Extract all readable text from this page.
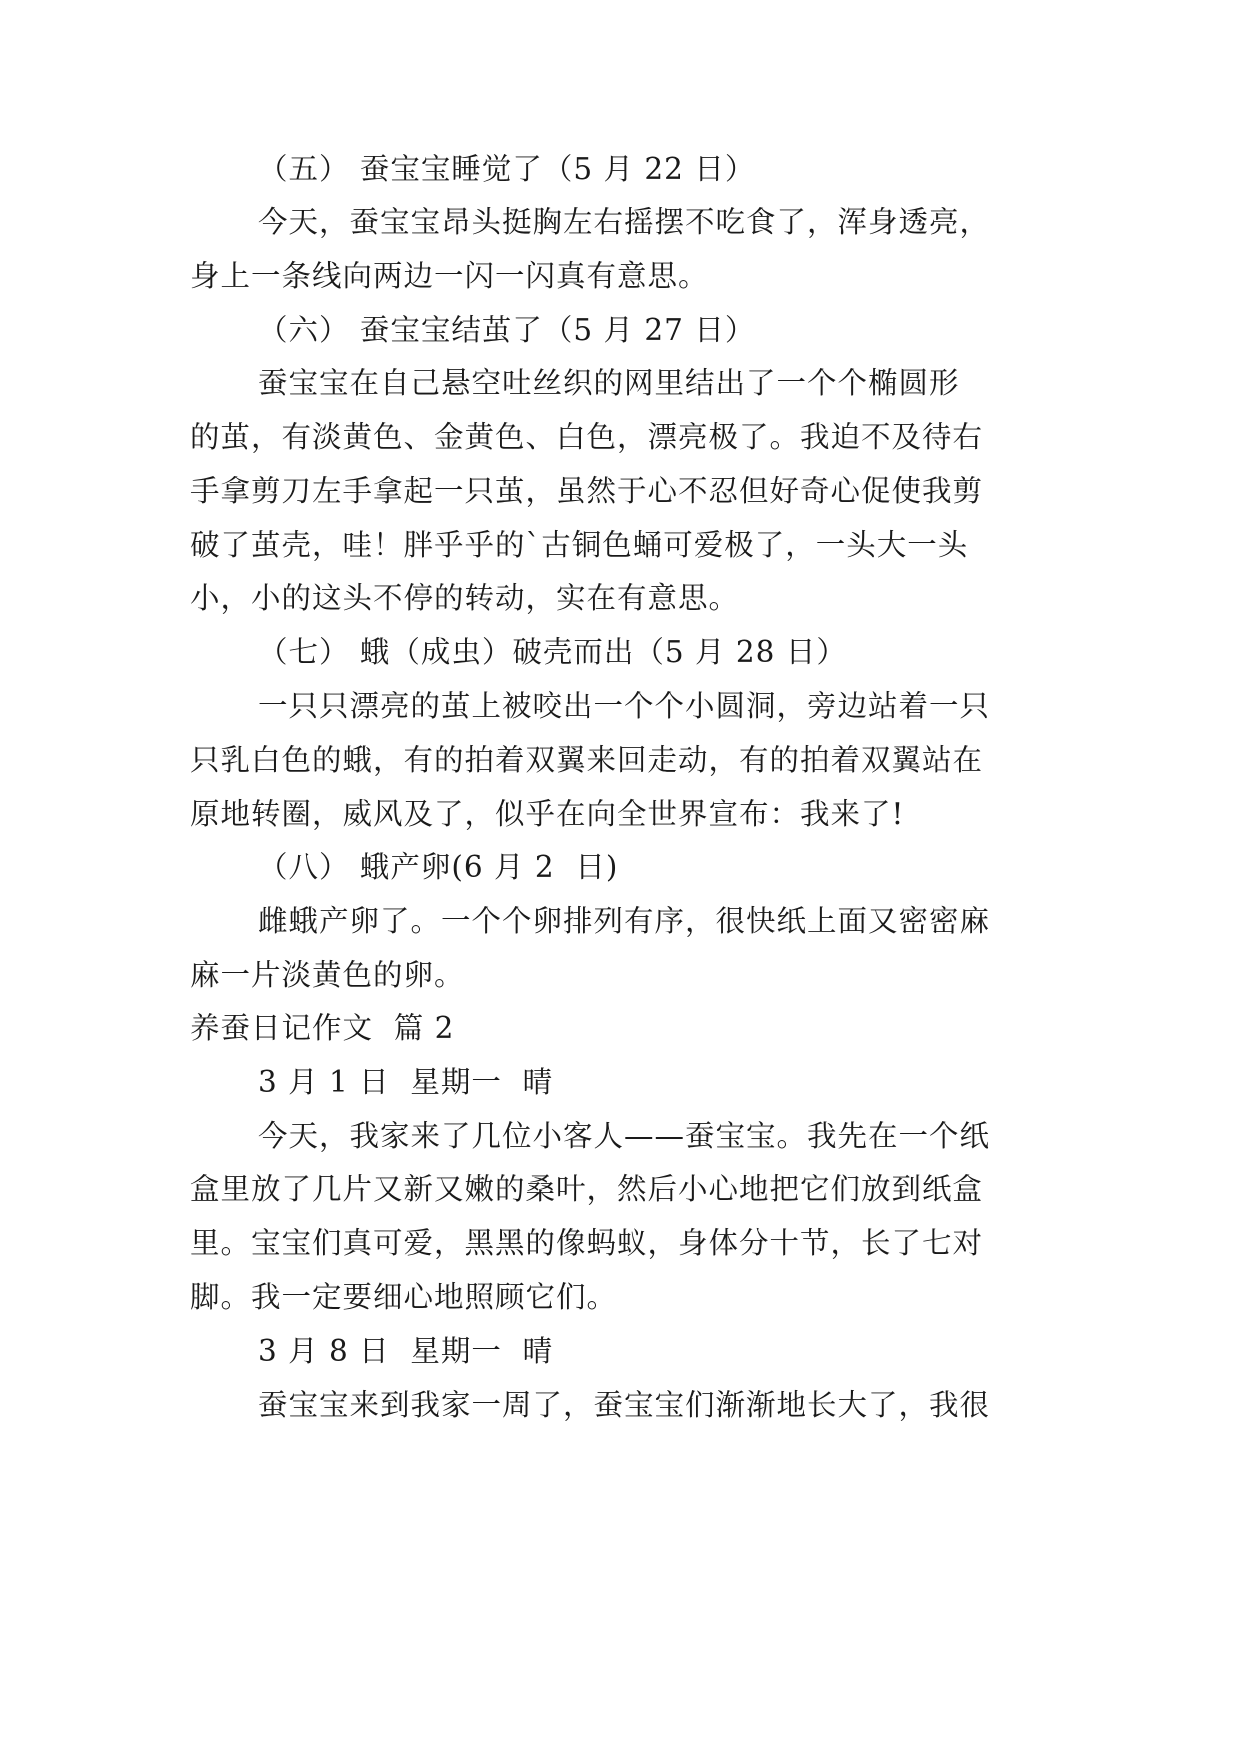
（五） 蚕宝宝睡觉了（5 月 22 日）
今天，蚕宝宝昂头挺胸左右摇摆不吃食了，浑身透亮，
身上一条线向两边一闪一闪真有意思。
（六） 蚕宝宝结茧了（5 月 27 日）
蚕宝宝在自己悬空吐丝织的网里结出了一个个椭圆形
的茧，有淡黄色、金黄色、白色，漂亮极了。我迫不及待右
手拿剪刀左手拿起一只茧，虽然于心不忍但好奇心促使我剪
破了茧壳，哇！胖乎乎的`古铜色蛹可爱极了，一头大一头
小，小的这头不停的转动，实在有意思。
（七） 蛾（成虫）破壳而出（5 月 28 日）
一只只漂亮的茧上被咬出一个个小圆洞，旁边站着一只
只乳白色的蛾，有的拍着双翼来回走动，有的拍着双翼站在
原地转圈，威风及了，似乎在向全世界宣布：我来了!
（八） 蛾产卵(6 月 2  日)
雌蛾产卵了。一个个卵排列有序，很快纸上面又密密麻
麻一片淡黄色的卵。
养蚕日记作文  篇 2
3 月 1 日  星期一  晴
今天，我家来了几位小客人——蚕宝宝。我先在一个纸
盒里放了几片又新又嫩的桑叶，然后小心地把它们放到纸盒
里。宝宝们真可爱，黑黑的像蚂蚁，身体分十节，长了七对
脚。我一定要细心地照顾它们。
3 月 8 日  星期一  晴
蚕宝宝来到我家一周了，蚕宝宝们渐渐地长大了，我很
